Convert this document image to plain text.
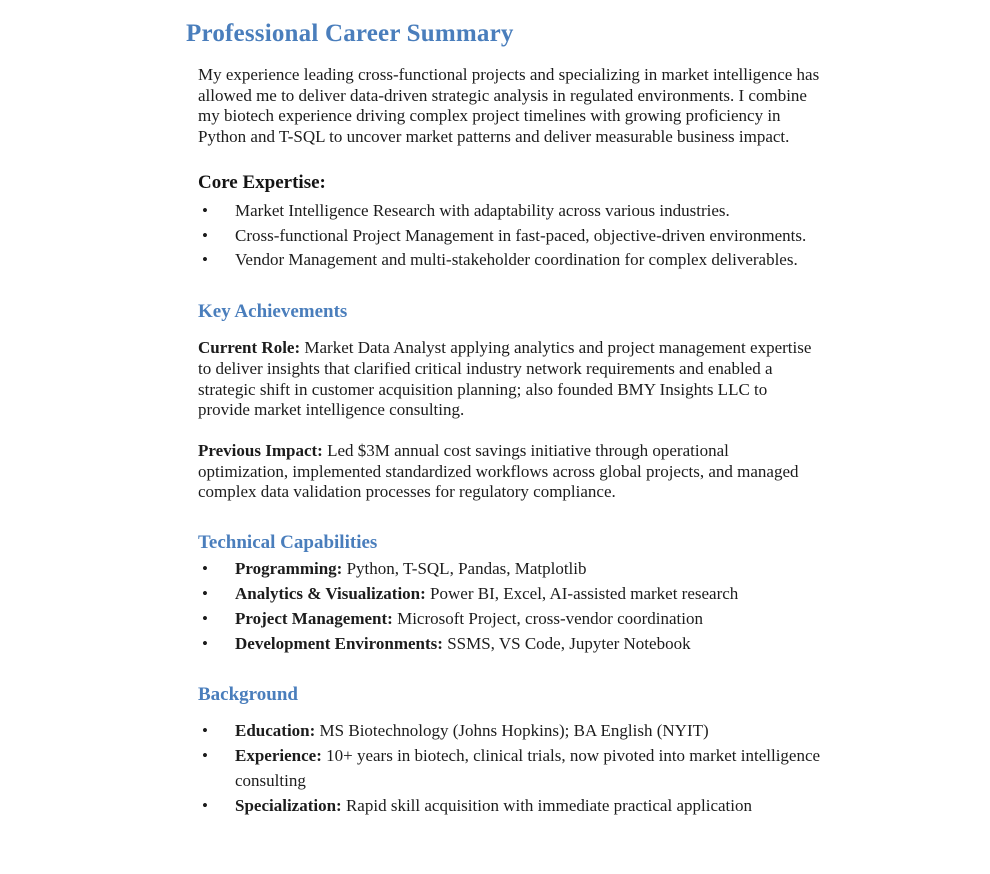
Professional Career Summary

My experience leading cross-functional projects and specializing in market intelligence has allowed me to deliver data-driven strategic analysis in regulated environments. I combine my biotech experience driving complex project timelines with growing proficiency in Python and T-SQL to uncover market patterns and deliver measurable business impact.

Core Expertise:
• Market Intelligence Research with adaptability across various industries.
• Cross-functional Project Management in fast-paced, objective-driven environments.
• Vendor Management and multi-stakeholder coordination for complex deliverables.
Key Achievements

Current Role: Market Data Analyst applying analytics and project management expertise to deliver insights that clarified critical industry network requirements and enabled a strategic shift in customer acquisition planning; also founded BMY Insights LLC to provide market intelligence consulting.

Previous Impact: Led $3M annual cost savings initiative through operational optimization, implemented standardized workflows across global projects, and managed complex data validation processes for regulatory compliance.

Technical Capabilities
• Programming: Python, T-SQL, Pandas, Matplotlib
• Analytics & Visualization: Power BI, Excel, AI-assisted market research
• Project Management: Microsoft Project, cross-vendor coordination
• Development Environments: SSMS, VS Code, Jupyter Notebook
Background
• Education: MS Biotechnology (Johns Hopkins); BA English (NYIT)
• Experience: 10+ years in biotech, clinical trials, now pivoted into market intelligence consulting
• Specialization: Rapid skill acquisition with immediate practical application
